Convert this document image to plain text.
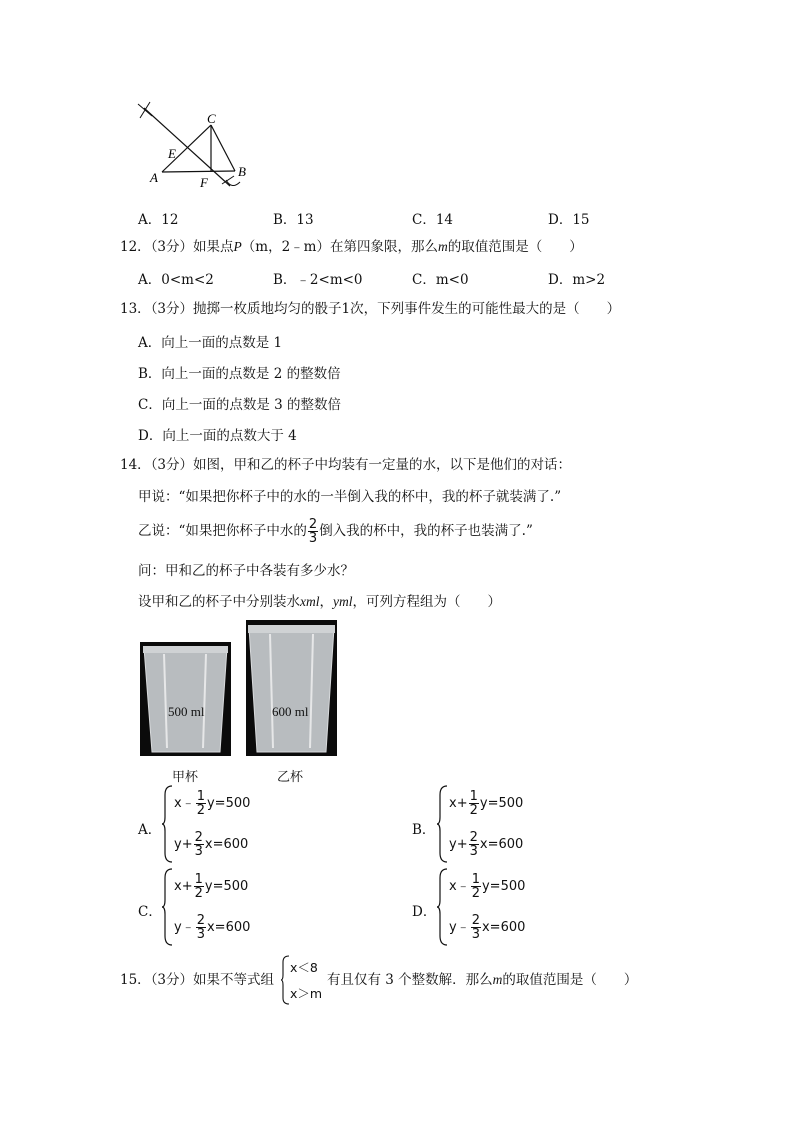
C
E
A	F
B
A．12	B．13	C．14	D．15
12．（3分）如果点P（m，2﹣m）在第四象限，那么m的取值范围是（　　）
A．0<m<2	B．﹣2<m<0	C．m<0	D．m>2
13．（3分）抛掷一枚质地均匀的骰子1次，下列事件发生的可能性最大的是（　　）
A．向上一面的点数是 1
B．向上一面的点数是 2 的整数倍
C．向上一面的点数是 3 的整数倍
D．向上一面的点数大于 4
14．（3分）如图，甲和乙的杯子中均装有一定量的水，以下是他们的对话：
甲说：“如果把你杯子中的水的一半倒入我的杯中，我的杯子就装满了.”
乙说：“如果把你杯子中水的 $\frac{2}{3}$ 倒入我的杯中，我的杯子也装满了.”
问：甲和乙的杯子中各装有多少水？
设甲和乙的杯子中分别装水xml，yml，可列方程组为（　　）
500 ml	600 ml
甲杯	乙杯
A．
x﹣ $\frac{1}{2} y=500$
$y+ \frac{2}{3} x=600$
B．
$x+ \frac{1}{2} y=500$
$y+ \frac{2}{3} x=600$
C．
$x+ \frac{1}{2} y=500$
y﹣ $\frac{2}{3} x=600$
D．
x﹣ $\frac{1}{2} y=500$
y﹣ $\frac{2}{3} x=600$
15．（3分）如果不等式组
x＜8
x＞m
有且仅有 3 个整数解．那么m的取值范围是（　　）
